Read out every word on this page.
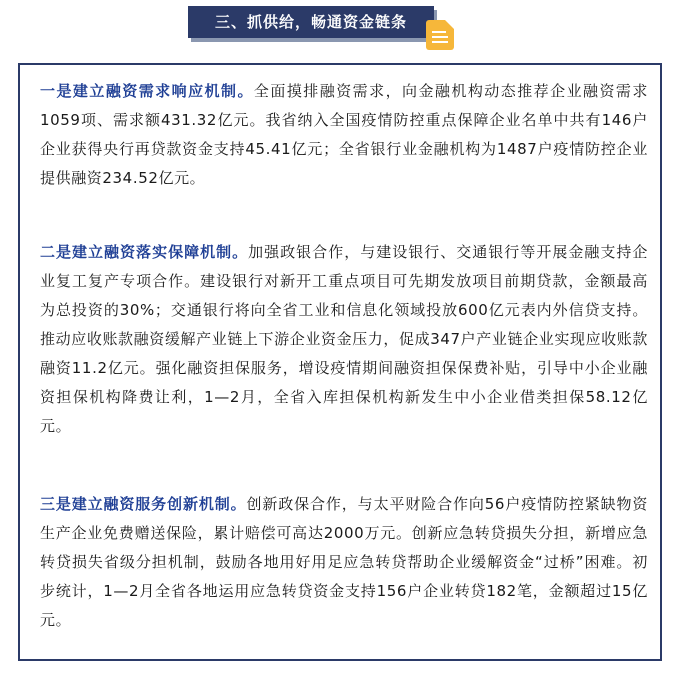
三、抓供给，畅通资金链条

一是建立融资需求响应机制。全面摸排融资需求，向金融机构动态推荐企业融资需求1059项、需求额431.32亿元。我省纳入全国疫情防控重点保障企业名单中共有146户企业获得央行再贷款资金支持45.41亿元；全省银行业金融机构为1487户疫情防控企业提供融资234.52亿元。

二是建立融资落实保障机制。加强政银合作，与建设银行、交通银行等开展金融支持企业复工复产专项合作。建设银行对新开工重点项目可先期发放项目前期贷款，金额最高为总投资的30%；交通银行将向全省工业和信息化领域投放600亿元表内外信贷支持。推动应收账款融资缓解产业链上下游企业资金压力，促成347户产业链企业实现应收账款融资11.2亿元。强化融资担保服务，增设疫情期间融资担保保费补贴，引导中小企业融资担保机构降费让利，1—2月，全省入库担保机构新发生中小企业借类担保58.12亿元。

三是建立融资服务创新机制。创新政保合作，与太平财险合作向56户疫情防控紧缺物资生产企业免费赠送保险，累计赔偿可高达2000万元。创新应急转贷损失分担，新增应急转贷损失省级分担机制，鼓励各地用好用足应急转贷帮助企业缓解资金“过桥”困难。初步统计，1—2月全省各地运用应急转贷资金支持156户企业转贷182笔，金额超过15亿元。
